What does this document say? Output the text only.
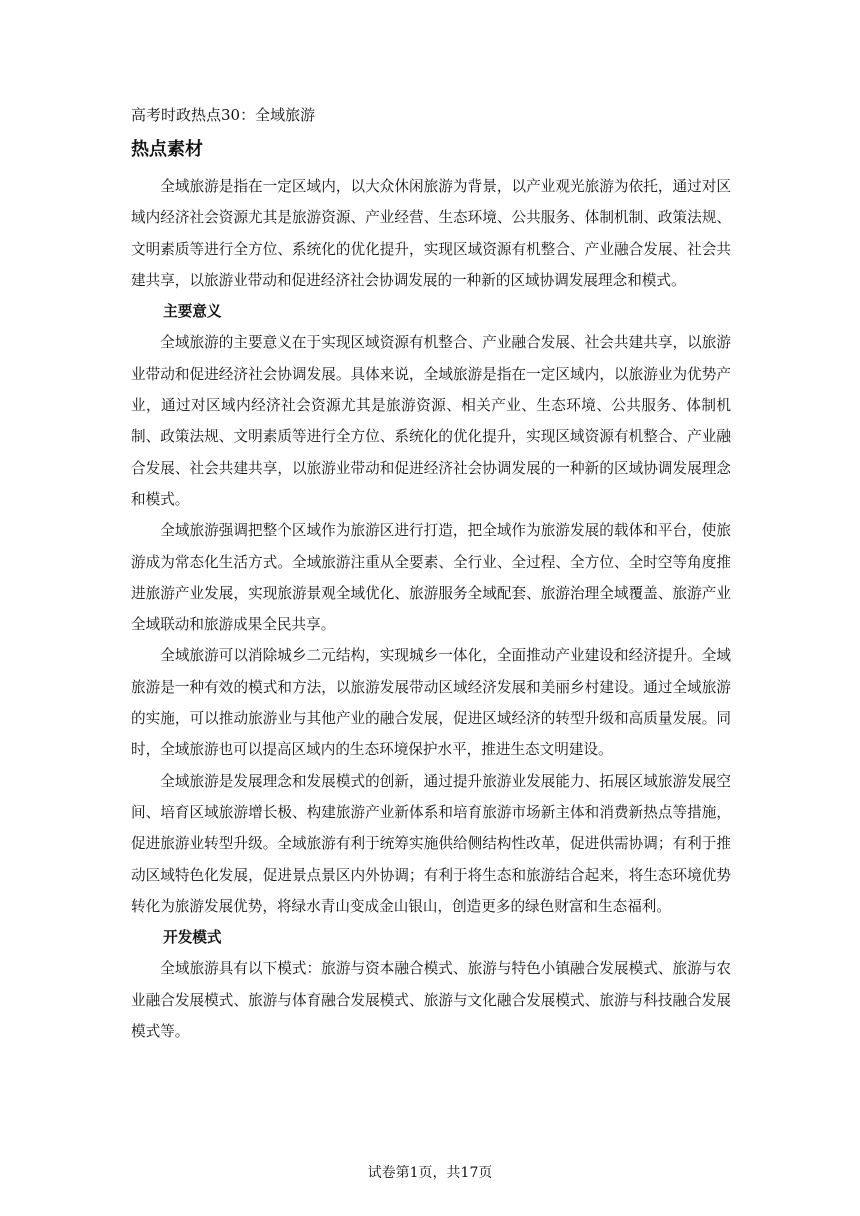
高考时政热点30：全域旅游
热点素材

全域旅游是指在一定区域内，以大众休闲旅游为背景，以产业观光旅游为依托，通过对区域内经济社会资源尤其是旅游资源、产业经营、生态环境、公共服务、体制机制、政策法规、文明素质等进行全方位、系统化的优化提升，实现区域资源有机整合、产业融合发展、社会共建共享，以旅游业带动和促进经济社会协调发展的一种新的区域协调发展理念和模式。

主要意义

全域旅游的主要意义在于实现区域资源有机整合、产业融合发展、社会共建共享，以旅游业带动和促进经济社会协调发展。具体来说，全域旅游是指在一定区域内，以旅游业为优势产业，通过对区域内经济社会资源尤其是旅游资源、相关产业、生态环境、公共服务、体制机制、政策法规、文明素质等进行全方位、系统化的优化提升，实现区域资源有机整合、产业融合发展、社会共建共享，以旅游业带动和促进经济社会协调发展的一种新的区域协调发展理念和模式。

全域旅游强调把整个区域作为旅游区进行打造，把全域作为旅游发展的载体和平台，使旅游成为常态化生活方式。全域旅游注重从全要素、全行业、全过程、全方位、全时空等角度推进旅游产业发展，实现旅游景观全域优化、旅游服务全域配套、旅游治理全域覆盖、旅游产业全域联动和旅游成果全民共享。

全域旅游可以消除城乡二元结构，实现城乡一体化，全面推动产业建设和经济提升。全域旅游是一种有效的模式和方法，以旅游发展带动区域经济发展和美丽乡村建设。通过全域旅游的实施，可以推动旅游业与其他产业的融合发展，促进区域经济的转型升级和高质量发展。同时，全域旅游也可以提高区域内的生态环境保护水平，推进生态文明建设。

全域旅游是发展理念和发展模式的创新，通过提升旅游业发展能力、拓展区域旅游发展空间、培育区域旅游增长极、构建旅游产业新体系和培育旅游市场新主体和消费新热点等措施，促进旅游业转型升级。全域旅游有利于统筹实施供给侧结构性改革，促进供需协调；有利于推动区域特色化发展，促进景点景区内外协调；有利于将生态和旅游结合起来，将生态环境优势转化为旅游发展优势，将绿水青山变成金山银山，创造更多的绿色财富和生态福利。

开发模式

全域旅游具有以下模式：旅游与资本融合模式、旅游与特色小镇融合发展模式、旅游与农业融合发展模式、旅游与体育融合发展模式、旅游与文化融合发展模式、旅游与科技融合发展模式等。

试卷第1页，共17页
